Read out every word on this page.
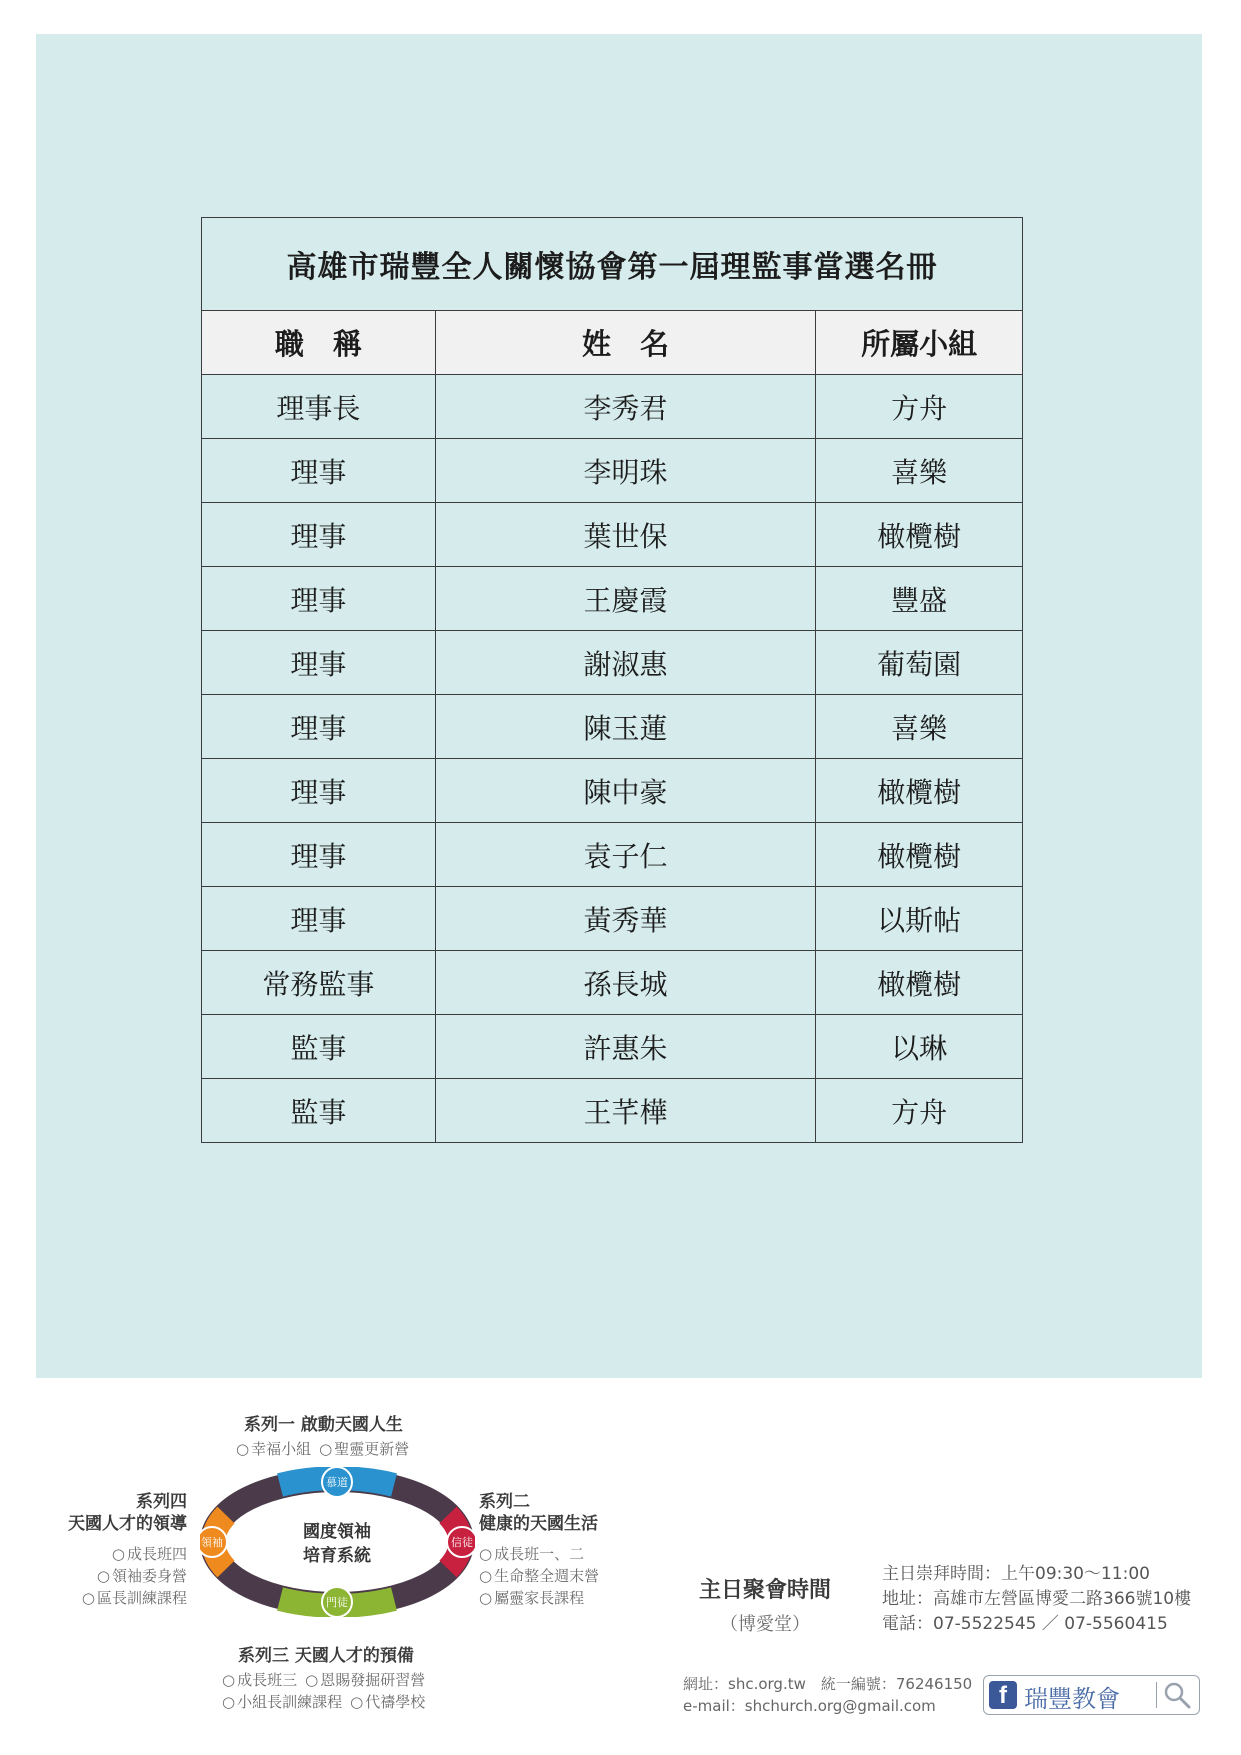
高雄市瑞豐全人關懷協會第一屆理監事當選名冊		
職　稱	姓　名	所屬小組
理事長	李秀君	方舟
理事	李明珠	喜樂
理事	葉世保	橄欖樹
理事	王慶霞	豐盛
理事	謝淑惠	葡萄園
理事	陳玉蓮	喜樂
理事	陳中豪	橄欖樹
理事	袁子仁	橄欖樹
理事	黃秀華	以斯帖
常務監事	孫長城	橄欖樹
監事	許惠朱	以琳
監事	王芊樺	方舟
系列一 啟動天國人生
○ 幸福小組 ○ 聖靈更新營
系列四
天國人才的領導
○ 成長班四
○ 領袖委身營
○ 區長訓練課程
系列二
健康的天國生活
○ 成長班一、二
○ 生命整全週末營
○ 屬靈家長課程
系列三 天國人才的預備
○ 成長班三 ○ 恩賜發掘研習營
○ 小組長訓練課程 ○ 代禱學校
慕道
信徒
門徒
領袖
國度領袖
培育系統
主日聚會時間
（博愛堂）
主日崇拜時間：上午09:30～11:00
地址：高雄市左營區博愛二路366號10樓
電話：07-5522545 ／ 07-5560415
網址：shc.org.tw　統一編號：76246150
e-mail：shchurch.org@gmail.com	f 瑞豐教會
